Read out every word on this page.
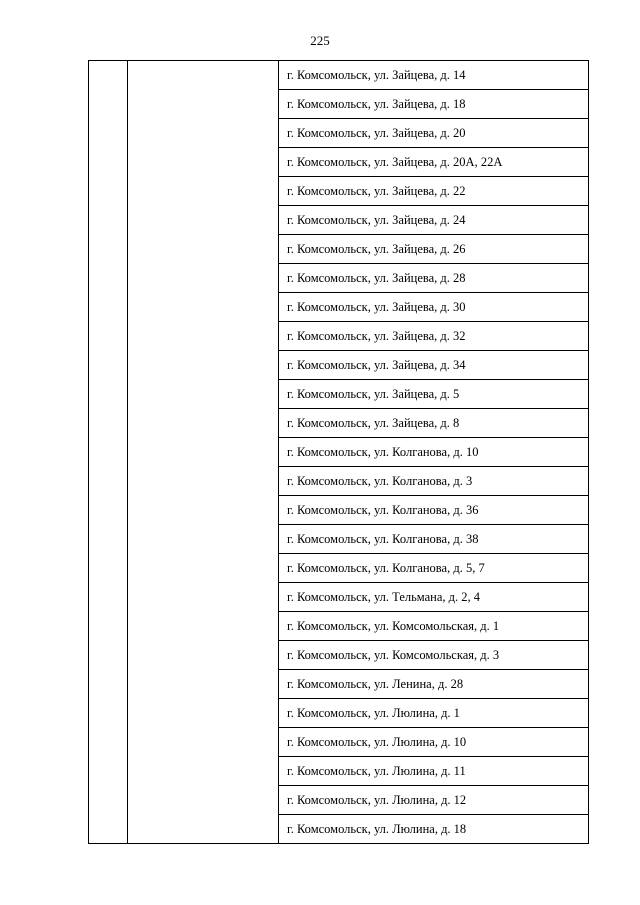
225

г. Комсомольск, ул. Зайцева, д. 14

г. Комсомольск, ул. Зайцева, д. 18

г. Комсомольск, ул. Зайцева, д. 20

г. Комсомольск, ул. Зайцева, д. 20А, 22А

г. Комсомольск, ул. Зайцева, д. 22

г. Комсомольск, ул. Зайцева, д. 24

г. Комсомольск, ул. Зайцева, д. 26

г. Комсомольск, ул. Зайцева, д. 28

г. Комсомольск, ул. Зайцева, д. 30

г. Комсомольск, ул. Зайцева, д. 32

г. Комсомольск, ул. Зайцева, д. 34

г. Комсомольск, ул. Зайцева, д. 5

г. Комсомольск, ул. Зайцева, д. 8

г. Комсомольск, ул. Колганова, д. 10

г. Комсомольск, ул. Колганова, д. 3

г. Комсомольск, ул. Колганова, д. 36

г. Комсомольск, ул. Колганова, д. 38

г. Комсомольск, ул. Колганова, д. 5, 7

г. Комсомольск, ул. Тельмана, д. 2, 4

г. Комсомольск, ул. Комсомольская, д. 1

г. Комсомольск, ул. Комсомольская, д. 3

г. Комсомольск, ул. Ленина, д. 28

г. Комсомольск, ул. Люлина, д. 1

г. Комсомольск, ул. Люлина, д. 10

г. Комсомольск, ул. Люлина, д. 11

г. Комсомольск, ул. Люлина, д. 12

г. Комсомольск, ул. Люлина, д. 18
